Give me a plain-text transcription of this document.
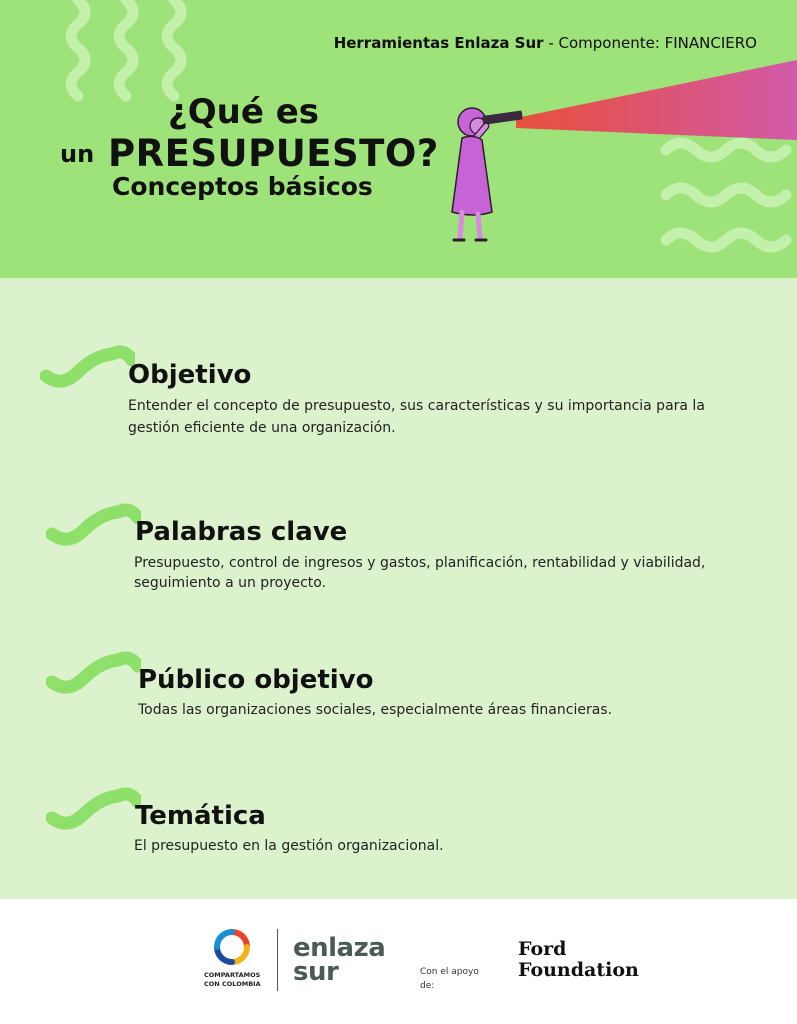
Herramientas Enlaza Sur - Componente: FINANCIERO
¿Qué es
un PRESUPUESTO?
Conceptos básicos
Objetivo

Entender el concepto de presupuesto, sus características y su importancia para la

gestión eficiente de una organización.

Palabras clave

Presupuesto, control de ingresos y gastos, planificación, rentabilidad y viabilidad,

seguimiento a un proyecto.

Público objetivo

Todas las organizaciones sociales, especialmente áreas financieras.

Temática

El presupuesto en la gestión organizacional.

COMPARTAMOS
CON COLOMBIA
enlaza
sur	Con el apoyo
de:
Ford
Foundation
